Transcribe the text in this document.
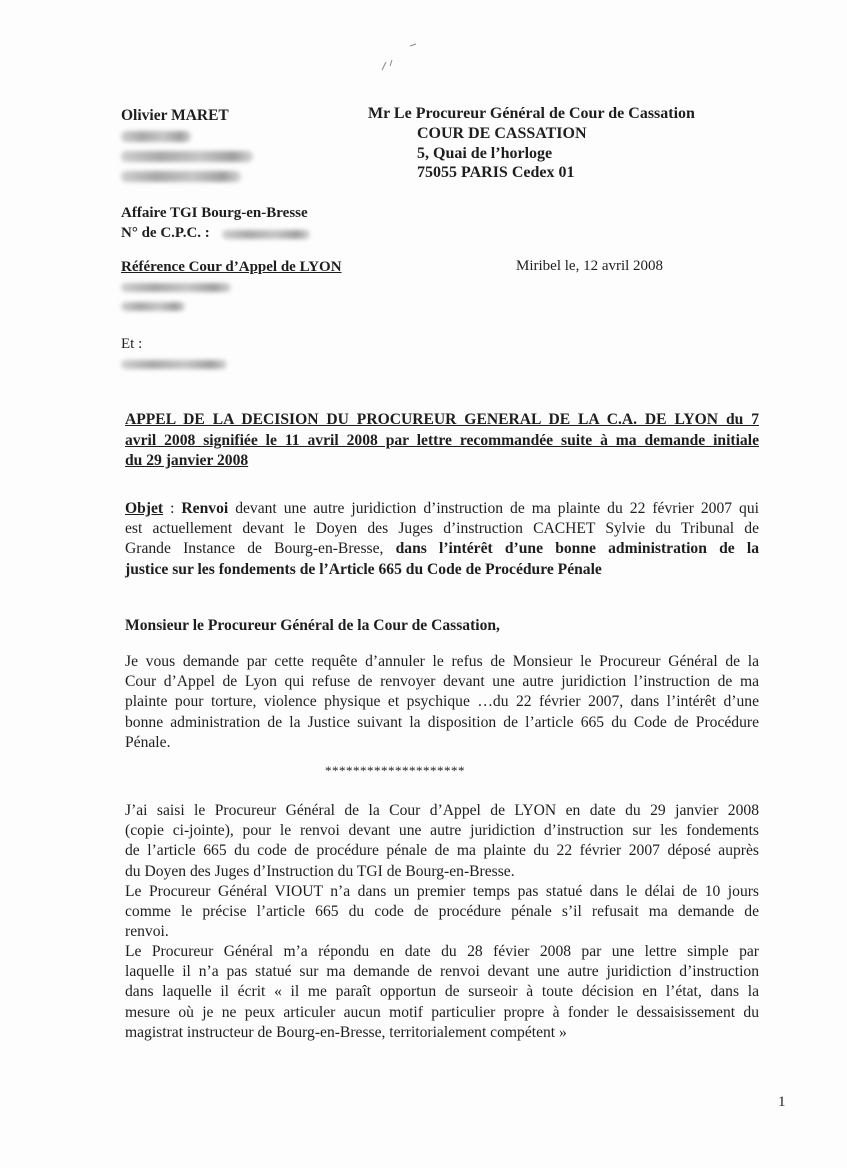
Olivier MARET	Mr Le Procureur Général de Cour de Cassation
COUR DE CASSATION
5, Quai de l’horloge
75055 PARIS Cedex 01
Affaire TGI Bourg-en-Bresse
N° de C.P.C. :
Référence Cour d’Appel de LYON	Miribel le, 12 avril 2008
Et :
APPEL DE LA DECISION DU PROCUREUR GENERAL DE LA C.A. DE LYON du 7
avril 2008 signifiée le 11 avril 2008 par lettre recommandée suite à ma demande initiale
du 29 janvier 2008
Objet : Renvoi devant une autre juridiction d’instruction de ma plainte du 22 février 2007 qui
est actuellement devant le Doyen des Juges d’instruction CACHET Sylvie du Tribunal de
Grande Instance de Bourg-en-Bresse, dans l’intérêt d’une bonne administration de la
justice sur les fondements de l’Article 665 du Code de Procédure Pénale
Monsieur le Procureur Général de la Cour de Cassation,
Je vous demande par cette requête d’annuler le refus de Monsieur le Procureur Général de la
Cour d’Appel de Lyon qui refuse de renvoyer devant une autre juridiction l’instruction de ma
plainte pour torture, violence physique et psychique …du 22 février 2007, dans l’intérêt d’une
bonne administration de la Justice suivant la disposition de l’article 665 du Code de Procédure
Pénale.
********************
J’ai saisi le Procureur Général de la Cour d’Appel de LYON en date du 29 janvier 2008
(copie ci-jointe), pour le renvoi devant une autre juridiction d’instruction sur les fondements
de l’article 665 du code de procédure pénale de ma plainte du 22 février 2007 déposé auprès
du Doyen des Juges d’Instruction du TGI de Bourg-en-Bresse.
Le Procureur Général VIOUT n’a dans un premier temps pas statué dans le délai de 10 jours
comme le précise l’article 665 du code de procédure pénale s’il refusait ma demande de
renvoi.
Le Procureur Général m’a répondu en date du 28 févier 2008 par une lettre simple par
laquelle il n’a pas statué sur ma demande de renvoi devant une autre juridiction d’instruction
dans laquelle il écrit « il me paraît opportun de surseoir à toute décision en l’état, dans la
mesure où je ne peux articuler aucun motif particulier propre à fonder le dessaisissement du
magistrat instructeur de Bourg-en-Bresse, territorialement compétent »
1
